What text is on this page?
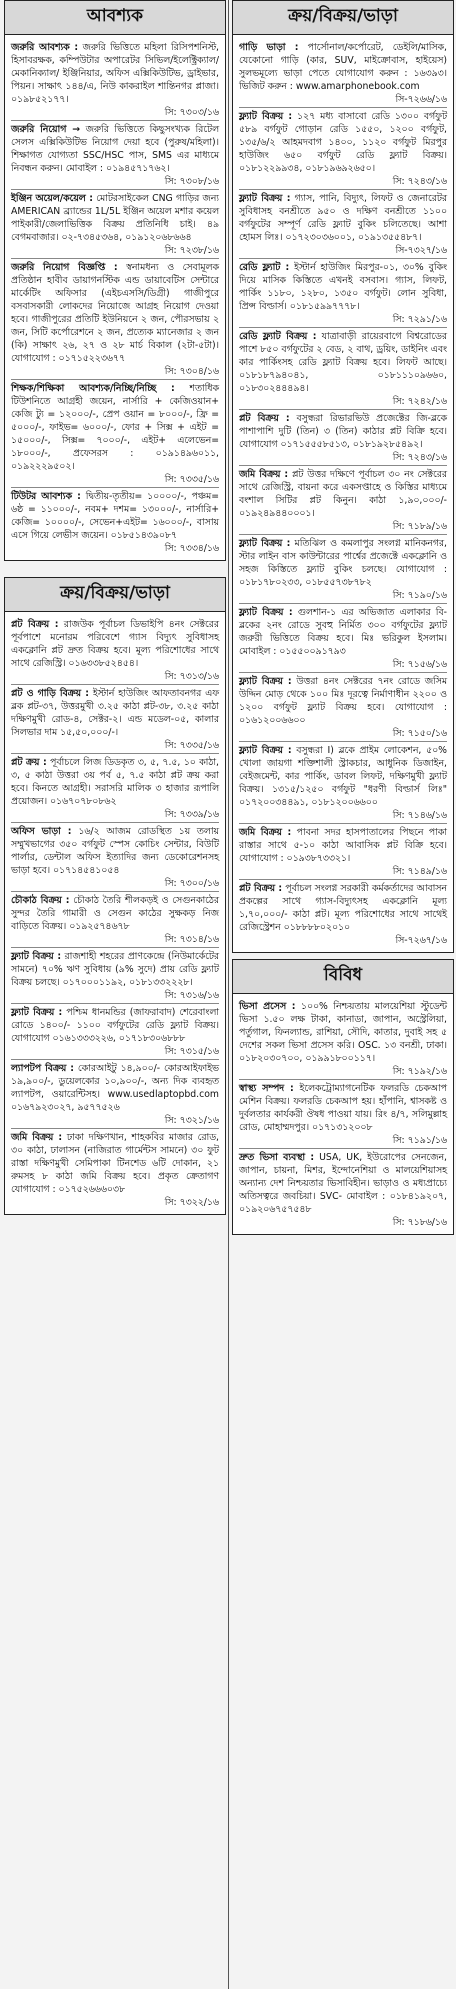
আবশ্যক
জরুরি আবশ্যক : জরুরি ভিত্তিতে মহিলা রিসিপশনিস্ট, হিসাবরক্ষক, কম্পিউটার অপারেটর সিভিল/ইলেক্ট্রিক্যাল/মেকানিক্যাল/ ইঞ্জিনিয়ার, অফিস এক্সিকিউটিভ, ড্রাইভার, পিয়ন। সাক্ষাৎ ১৪৪/এ, নিউ কাকরাইল শান্তিনগর প্লাজা। ০১৯৮৫২১৭৭।
সি: ৭৩০৩/১৬
জরুরি নিয়োগ → জরুরি ভিত্তিতে কিছুসংখ্যক রিটেল সেলস এক্সিকিউটিভ নিয়োগ দেয়া হবে (পুরুষ/মহিলা)। শিক্ষাগত যোগ্যতা SSC/HSC পাস, SMS এর মাধ্যমে নিবন্ধন করুন। মোবাইল : ০১৯৪৫৭১৭৬২।
সি: ৭৩০৮/১৬
ইঞ্জিন অয়েল/কয়েল : মোটরসাইকেল CNG গাড়ির জন্য AMERICAN ব্র্যান্ডের 1L/5L ইঞ্জিন অয়েল মশার কয়েল পাইকারী/জেলাভিত্তিক বিক্রয় প্রতিনিধি চাই। ৪৯ বেগমবাজার। ০২-৭৩৪৫৩৬৪, ০১৯১২০৬৮৬৬৪
সি: ৭২৩৮/১৬
জরুরি নিয়োগ বিজ্ঞপ্তি : স্বনামধন্য ও সেবামূলক প্রতিষ্ঠান হাবীব ডায়াগনস্টিক এন্ড ডায়াবেটিস সেন্টারে মার্কেটিং অফিসার (এইচএসসি/ডিগ্রী) গাজীপুরে বসবাসকারী লোকদের নিয়োজে আগ্রহ নিয়োগ দেওয়া হবে। গাজীপুরের প্রতিটি ইউনিয়নে ২ জন, পৌরসভায় ২ জন, সিটি কর্পোরেশনে ২ জন, প্রত্যেক ম্যানেজার ২ জন (কি) সাক্ষাৎ ২৬, ২৭ ও ২৮ মার্চ বিকাল (২টা-৫টা)। যোগাযোগ : ০১৭১৫২২৩৬৭৭
সি: ৭৩০৪/১৬
শিক্ষক/শিক্ষিকা আবশ্যক/নিচ্ছি/নিচ্ছি : শতাধিক টিউশনিতে আগ্রহী জয়েন, নার্সারি + কেজিওয়ান+ কেজি ট্যু = ১২০০০/-, প্রেপ ওয়ান = ৮০০০/-, ফ্রি = ৫০০০/-, ফাইভ= ৬০০০/-, ফোর + সিক্স + এইট = ১৫০০০/-, সিক্স= ৭০০০/-, এইট+ এলেভেন= ১৮০০০/-, প্রফেসরস : ০১৯১৪৯৬০১১, ০১৯২২২৯৫০২।
সি: ৭৩৩৫/১৬
টিউটর আবশ্যক : দ্বিতীয়-তৃতীয়= ১০০০০/-, পঞ্চম= ৬ষ্ঠ = ১১০০০/-, নবম+ দশম= ১৩০০০/-, নার্সারি+ কেজি= ১০০০০/-, সেভেন+এইট= ১৬০০০/-, বাসায় এসে গিয়ে লেভীস জয়েন। ০১৮৫১৪৩৯০৮৭
সি: ৭৩৩৪/১৬
ক্রয়/বিক্রয়/ভাড়া
প্লট বিক্রয় : রাজউক পূর্বাচল ডিভাইপি ৪নং সেক্টরের পূর্বপাশে মনোরম পরিবেশে গ্যাস বিদ্যুৎ সুবিধাসহ একক্লোনি প্লট দ্রুত বিক্রয় হবে। মূল্য পরিশোধের সাথে সাথে রেজিস্ট্রি। ০১৬৩৩৮৫২৪৫৪।
সি: ৭৩১৩/১৬
প্লট ও গাড়ি বিক্রয় : ইস্টার্ন হাউজিং আফতাবনগর এফ ব্লক প্লট-৩৭, উত্তরমুখী ৩.২৫ কাঠা প্লট-৩৮, ৩.২৫ কাঠা দক্ষিণমুখী রোড-৪, সেক্টর-২। এন্ড মডেল-০৫, কালার সিলভার দাম ১৫,৫০,০০০/-।
সি: ৭৩৩৫/১৬
প্লট ক্রয় : পূর্বাচলে লিজ ডিডকৃত ৩, ৫, ৭.৫, ১০ কাঠা, ৩, ৫ কাঠা উত্তরা ৩য় পর্ব ৫, ৭.৫ কাঠা প্লট ক্রয় করা হবে। কিনতে আগ্রহী। সরাসরি মালিক ৩ হাজার রূপালি প্রয়োজন। ০১৬৭০৭৮০৮৬২
সি: ৭৩৩৯/১৬
অফিস ভাড়া : ১৬/২ আজম রোডস্থিত ১য় তলায় সম্মুখভাগের ৩৫০ বর্গফুট স্পেস কোচিং সেন্টার, বিউটি পার্লার, ডেন্টাল অফিস ইত্যাদির জন্য ডেকোরেশনসহ ভাড়া হবে। ০১৭১৪৫৪১০৫৪
সি: ৭৩০০/১৬
চৌকাঠ বিক্রয় : চৌকাঠ তৈরি শীলকড়ই ও সেগুনকাঠের সুন্দর তৈরি গামারী ও সেগুন কাঠের সুক্ষকড় নিজ বাড়িতে বিক্রয়। ০১৯২৫৭৪৬৭৮
সি: ৭৩১৪/১৬
ফ্ল্যাট বিক্রয় : রাজশাহী শহরের প্রাণকেন্দ্রে (নিউমার্কেটের সামনে) ৭০% ঋণ সুবিধায় (৯% সুদে) প্রায় রেডি ফ্ল্যাট বিক্রয় চলছে। ০১৭০০০১১৯২, ০১৮১৩৩২২২৮।
সি: ৭৩১৬/১৬
ফ্ল্যাট বিক্রয় : পশ্চিম ধানমন্ডির (জাফরাবাদ) শেরেবাংলা রোডে ১৪০০/- ১১০০ বর্গফুটের রেডি ফ্ল্যাট বিক্রয়। যোগাযোগ ০১৬১৩৩৩২২৬, ০১৭১৮৩০৬৮৮৮
সি: ৭৩১৫/১৬
ল্যাপটপ বিক্রয় : কোরআইটু ১৪,৯০০/- কোরআইফাইভ ১৯,৯০০/-, ডুয়েলকোর ১০,৯০০/-, অন্য দিক ব্যবহৃত ল্যাপটপ, ওয়ারেন্টিসহ। www.usedlaptopbd.com ০১৬৭৯২৩০২৭, ৯৫৭৭৫২৬
সি: ৭৩২১/১৬
জমি বিক্রয় : ঢাকা দক্ষিণখান, শাহকবির মাজার রোড, ৩০ কাঠা, ঢালাসন (নাজিরাত গার্মেন্টস সামনে) ৩০ ফুট রাস্তা দক্ষিণমুখী সেমিপাকা টিনশেড ৬টি দোকান, ২১ রুমসহ ৮ কাঠা জমি বিক্রয় হবে। প্রকৃত ক্রেতাগণ যোগাযোগ : ০১৭৫২৬৬৬০৩৮
সি: ৭৩২২/১৬
ক্রয়/বিক্রয়/ভাড়া
গাড়ি ভাড়া : পার্সোনাল/কর্পোরেট, ডেইলি/মাসিক, যেকোনো গাড়ি (কার, SUV, মাইক্রোবাস, হাইয়েস) সুলভমূল্যে ভাড়া পেতে যোগাযোগ করুন : ১৬৩৯৩। ভিজিট করুন : www.amarphonebook.com
সি-৭২৬৬/১৬
ফ্ল্যাট বিক্রয় : ১২৭ মধ্য বাসাবো রেডি ১৩০০ বর্গফুট ৫৮৯ বর্গফুট গোড়ান রেডি ১৫৫০, ১২০০ বর্গফুট, ১৩৫/৬/২ আহমদবাগ ১৪০০, ১১২০ বর্গফুট মিরপুর হাউজিং ৬৫০ বর্গফুট রেডি ফ্ল্যাট বিক্রয়। ০১৮১২২৯৯৩৪, ০১৮১৯৬৯২৬৫০।
সি: ৭২৪৩/১৬
ফ্ল্যাট বিক্রয় : গ্যাস, পানি, বিদ্যুৎ, লিফট ও জেনারেটর সুবিধাসহ বনশ্রীতে ৯৫০ ও দক্ষিণ বনশ্রীতে ১১০০ বর্গফুটের সম্পূর্ণ রেডি ফ্ল্যাট বুকিং চলিতেছে। আশা হোমস লিঃ। ০১৭২৩০৩৬০০১, ০১৯১৩৫৫৪৮৭।
সি-৭৩২৭/১৬
রেডি ফ্ল্যাট : ইস্টার্ন হাউজিং মিরপুর-০১, ৩০% বুকিং দিয়ে মাসিক কিস্তিতে এখনই বসবাস। গ্যাস, লিফট, পার্কিং ১১৮০, ১২৮০, ১৩৫০ বর্গফুট। লোন সুবিধা, প্রিন্স বিল্ডার্স। ০১৮১৫৯৯৭৭৭৮।
সি: ৭২৯১/১৬
রেডি ফ্ল্যাট বিক্রয় : যাত্রাবাড়ী রায়েরবাগে বিশ্বরোডের পাশে ৮৫০ বর্গফুটের ২ বেড, ২ বাথ, ড্রয়িং, ডাইনিং এবং কার পার্কিংসহ রেডি ফ্ল্যাট বিক্রয় হবে। লিফট আছে। ০১৮১৮৭৯৪০৪১, ০১৮১১১০৯৬৬০, ০১৮৩০২৪৪৪৯৪।
সি: ৭২৪২/১৬
প্লট বিক্রয় : বসুন্ধরা রিভারভিউ প্রজেক্টের জি-ব্লকে পাশাপাশি দুটি (তিন) ৩ (তিন) কাঠার প্লট বিক্রি হবে। যোগাযোগ ০১৭১৫৫৫৮৫১৩, ০১৮১৯২৮৫৪৯২।
সি: ৭২৪৩/১৬
জমি বিক্রয় : প্লট উত্তর দক্ষিণে পূর্বাচল ৩০ নং সেক্টরের সাথে রেজিস্ট্রি, বায়না করে একসপ্তাহে ও কিস্তির মাধ্যমে বংশাল সিটির প্লট কিনুন। কাঠা ১,৯০,০০০/- ০১৯২৪৯৪৪০০০১।
সি: ৭১৮৯/১৬
ফ্ল্যাট বিক্রয় : মতিঝিল ও কমলাপুর সংলগ্ন মানিকনগর, স্টার লাইন বাস কাউন্টারের পার্শ্বের প্রজেক্টে একক্লোনি ও সহজ কিস্তিতে ফ্ল্যাট বুকিং চলছে। যোগাযোগ : ০১৮১৭৮০২৩৩, ০১৮৫৫৭৩৮৭৮২
সি: ৭১৯০/১৬
ফ্ল্যাট বিক্রয় : গুলশান-১ এর অভিজাত এলাকার বি-ব্লকের ২নং রোডে সুবহু নির্মিত ৩০০ বর্গফুটের ফ্ল্যাট জরুরী ভিত্তিতে বিক্রয় হবে। মিঃ ভরিকুল ইসলাম। মোবাইল : ০১৫৫০০৯১৭৯৩
সি: ৭১৫৬/১৬
ফ্ল্যাট বিক্রয় : উত্তরা ৪নং সেক্টরের ৭নং রোডে জসিম উদ্দিন মোড় থেকে ১০০ মিঃ দূরত্বে নির্মাণাধীন ২২০০ ও ১২০০ বর্গফুট ফ্ল্যাট বিক্রয় হবে। যোগাযোগ : ০১৬১২০০৬৬০০
সি: ৭১৫০/১৬
ফ্ল্যাট বিক্রয় : বসুন্ধরা I) ব্লকে প্রাইম লোকেশন, ৫০% খোলা জায়গা শক্তিশালী স্ট্রাকচার, আধুনিক ডিজাইন, বেইজমেন্ট, কার পার্কিং, ডাবল লিফট, দক্ষিণমুখী ফ্ল্যাট বিক্রয়। ১৩১৫/১২৫০ বর্গফুট "ধরণী বিল্ডার্স লিঃ" ০১৭২০০৩৪৪৯১, ০১৮১২০০৬৬০০
সি: ৭১৪৬/১৬
জমি বিক্রয় : পাবনা সদর হাসপাতালের পিছনে পাকা রাস্তার সাথে ৫-১০ কাঠা আবাসিক প্লট বিক্রি হবে। যোগাযোগ : ০১৯৩৮৭৩৩২১।
সি: ৭১৪৯/১৬
প্লট বিক্রয় : পূর্বাচল সংলগ্ন সরকারী কর্মকর্তাদের আবাসন প্রকল্পের সাথে গ্যাস-বিদ্যুৎসহ একক্লোনি মূল্য ১,৭০,০০০/- কাঠা প্লট। মূল্য পরিশোধের সাথে সাথেই রেজিস্ট্রেশন ০১৮৮৮৮০২০১০
সি-৭২৬৭/১৬
বিবিধ
ভিসা প্রসেস : ১০০% নিশ্চয়তায় মালয়েশিয়া স্টুডেন্ট ভিসা ১.৫০ লক্ষ টাকা, কানাডা, জাপান, অস্ট্রেলিয়া, পর্তুগাল, ফিনল্যান্ড, রাশিয়া, সৌদি, কাতার, দুবাই সহ ৫ দেশের সকল ভিসা প্রসেস করি। OSC. ১৩ বনশ্রী, ঢাকা। ০১৮২০৩০৭০০, ০১৯৯১৮০০১১৭।
সি: ৭১৯২/১৬
স্বাস্থ্য সম্পদ : ইলেকট্রোম্যাগনেটিক ফলরডি চেকআপ মেশিন বিক্রয়। ফলরডি চেকআপ হয়। হাঁপানি, শ্বাসকষ্ট ও দুর্বলতার কার্যকরী ঔষধ পাওয়া যায়। রিং ৪/৭, সলিমুল্লাহ রোড, মোহাম্মদপুর। ০১৭১৩১২০০৮
সি: ৭১৯১/১৬
দ্রুত ভিসা ব্যবস্থা : USA, UK, ইউরোপের সেনজেন, জাপান, চায়না, মিশর, ইন্দোনেশিয়া ও মালয়েশিয়াসহ অন্যান্য দেশ নিশ্চয়তার ভিসাবিহীন। ভাড়াও ও মধ্যপ্রাচ্যে অতিসত্বরে জবচিয়া। SVC- মোবাইল : ০১৮৪১৯২০৭, ০১৯২০৬৭৫৭৫৪৮
সি: ৭১৮৬/১৬
